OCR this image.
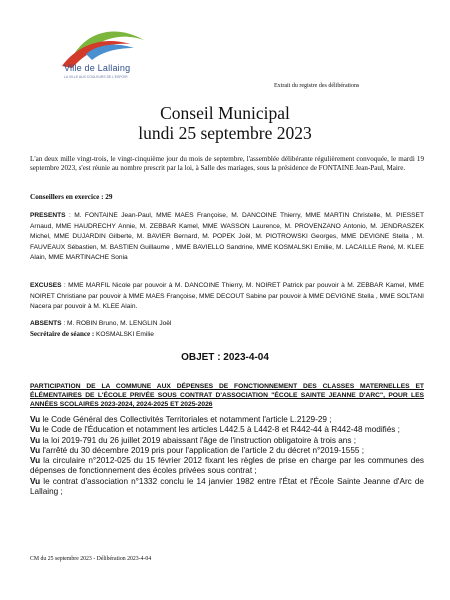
Ville de Lallaing
LA VILLE AUX COULEURS DE L'ESPOIR
Extrait du registre des délibérations
Conseil Municipal
lundi 25 septembre 2023
L'an deux mille vingt-trois, le vingt-cinquième jour du mois de septembre, l'assemblée délibérante régulièrement convoquée, le mardi 19 septembre 2023, s'est réunie au nombre prescrit par la loi, à Salle des mariages, sous la présidence de FONTAINE Jean-Paul, Maire.
Conseillers en exercice : 29
PRESENTS : M. FONTAINE Jean-Paul, MME MAES Françoise, M. DANCOINE Thierry, MME MARTIN Christelle, M. PIESSET Arnaud, MME HAUDRECHY Annie, M. ZEBBAR Kamel, MME WASSON Laurence, M. PROVENZANO Antonio, M. JENDRASZEK Michel, MME DUJARDIN Gilberte, M. BAVIER Bernard, M. POPEK Joël, M. PIOTROWSKI Georges, MME DEVIGNE Stella , M. FAUVEAUX Sébastien, M. BASTIEN Guillaume , MME BAVIELLO Sandrine, MME KOSMALSKI Emilie, M. LACAILLE René, M. KLEE Alain, MME MARTINACHE Sonia
EXCUSES : MME MARFIL Nicole par pouvoir à M. DANCOINE Thierry, M. NOIRET Patrick par pouvoir à M. ZEBBAR Kamel, MME NOIRET Christiane par pouvoir à MME MAES Françoise, MME DECOUT Sabine par pouvoir à MME DEVIGNE Stella , MME SOLTANI Nacera par pouvoir à M. KLEE Alain.
ABSENTS : M. ROBIN Bruno, M. LENGLIN Joël
Secrétaire de séance : KOSMALSKI Emilie
OBJET : 2023-4-04
PARTICIPATION DE LA COMMUNE AUX DÉPENSES DE FONCTIONNEMENT DES CLASSES MATERNELLES ET ÉLÉMENTAIRES DE L'ÉCOLE PRIVÉE SOUS CONTRAT D'ASSOCIATION "ÉCOLE SAINTE JEANNE D'ARC", POUR LES ANNÉES SCOLAIRES 2023-2024, 2024-2025 ET 2025-2026

Vu le Code Général des Collectivités Territoriales et notamment l'article L.2129-29 ;

Vu le Code de l'Éducation et notamment les articles L442.5 à L442-8 et R442-44 à R442-48 modifiés ;

Vu la loi 2019-791 du 26 juillet 2019 abaissant l'âge de l'instruction obligatoire à trois ans ;

Vu l'arrêté du 30 décembre 2019 pris pour l'application de l'article 2 du décret n°2019-1555 ;

Vu la circulaire n°2012-025 du 15 février 2012 fixant les règles de prise en charge par les communes des dépenses de fonctionnement des écoles privées sous contrat ;

Vu le contrat d'association n°1332 conclu le 14 janvier 1982 entre l'État et l'École Sainte Jeanne d'Arc de Lallaing ;

CM du 25 septembre 2023 - Délibération 2023-4-04
